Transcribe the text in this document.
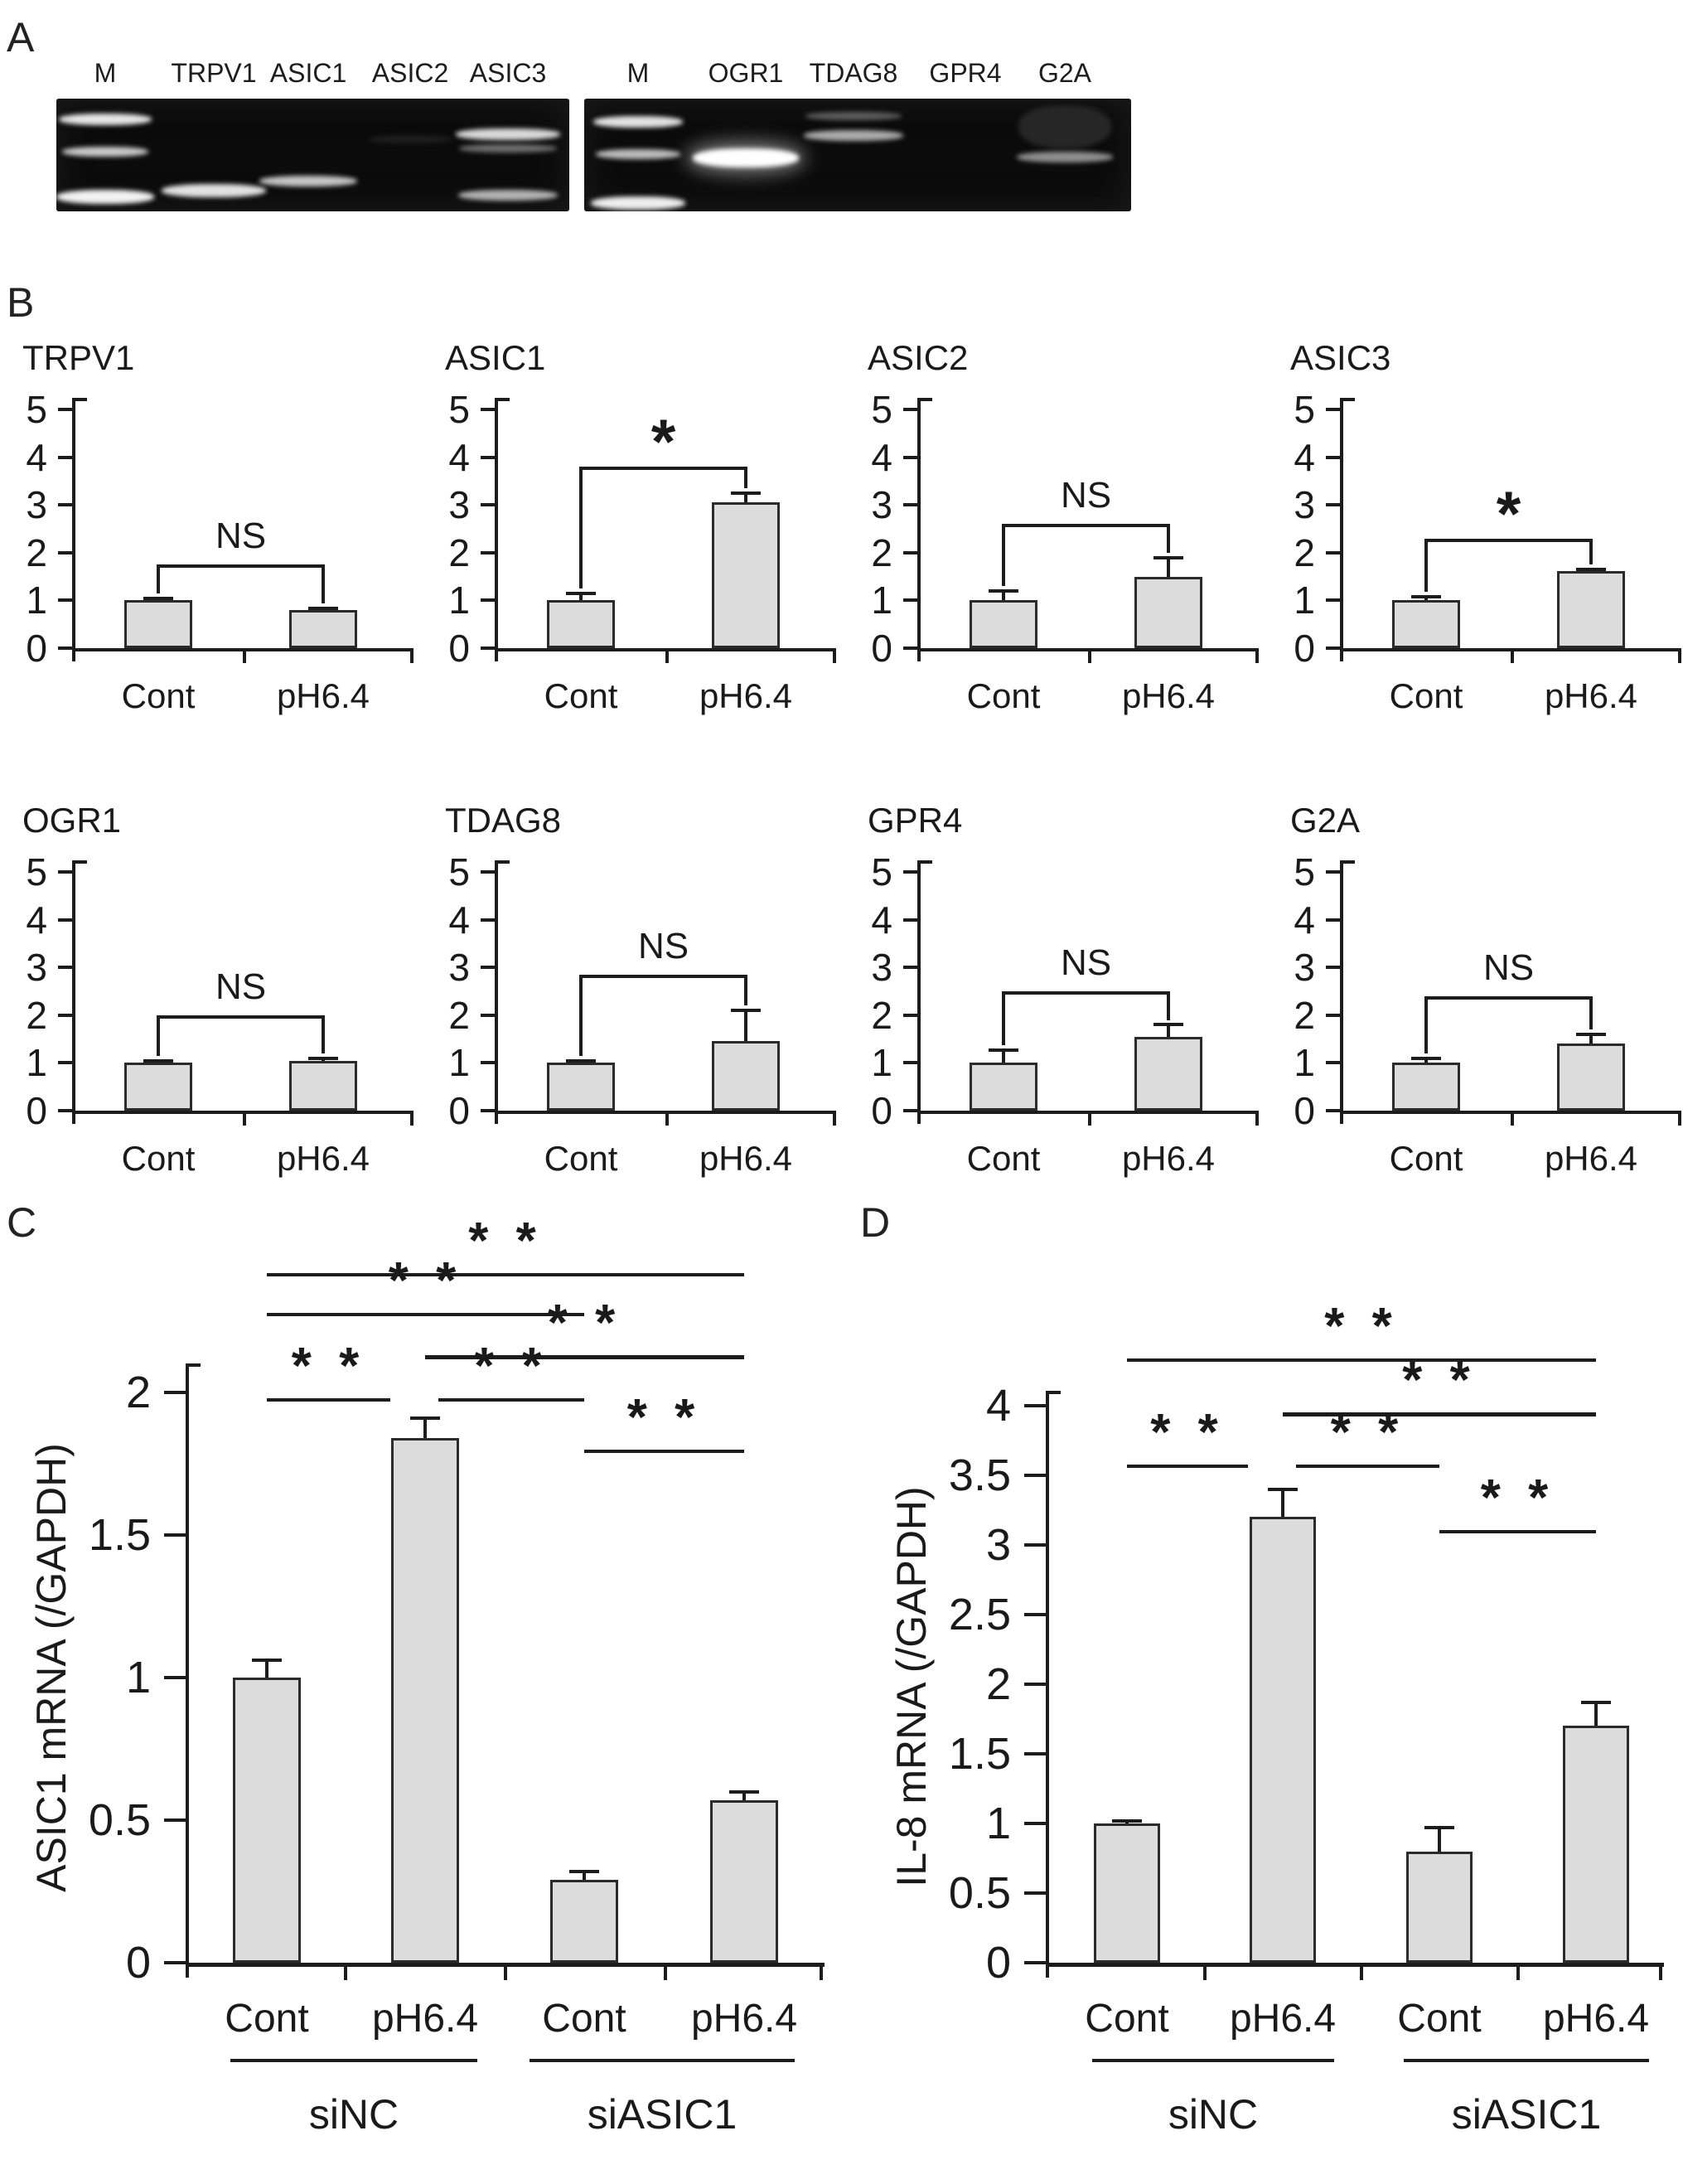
A
B
C	D
M	TRPV1 ASIC1 ASIC2 ASIC3	M	OGR1 TDAG8	GPR4	G2A
TRPV1
0
1
2
3
4
5
Cont	pH6.4
NS
ASIC1
0
1
2
3
4
5
Cont	pH6.4
*
ASIC2
0
1
2
3
4
5
Cont	pH6.4
NS
ASIC3
0
1
2
3
4
5
Cont	pH6.4
*
OGR1
0
1
2
3
4
5
Cont	pH6.4
NS
TDAG8
0
1
2
3
4
5
Cont	pH6.4
NS
GPR4
0
1
2
3
4
5
Cont	pH6.4
NS
G2A
0
1
2
3
4
5
Cont	pH6.4
NS
ASIC1 mRNA (/GAPDH)
0
0.5
1
1.5
2
Cont	pH6.4	Cont	pH6.4
siNC	siASIC1
* *
* *
* *
* *	* *
* *
IL-8 mRNA (/GAPDH)
0
0.5
1
1.5
2
2.5
3
3.5
4
Cont	pH6.4	Cont	pH6.4
siNC	siASIC1
* *
* *
* *	* *
* *
